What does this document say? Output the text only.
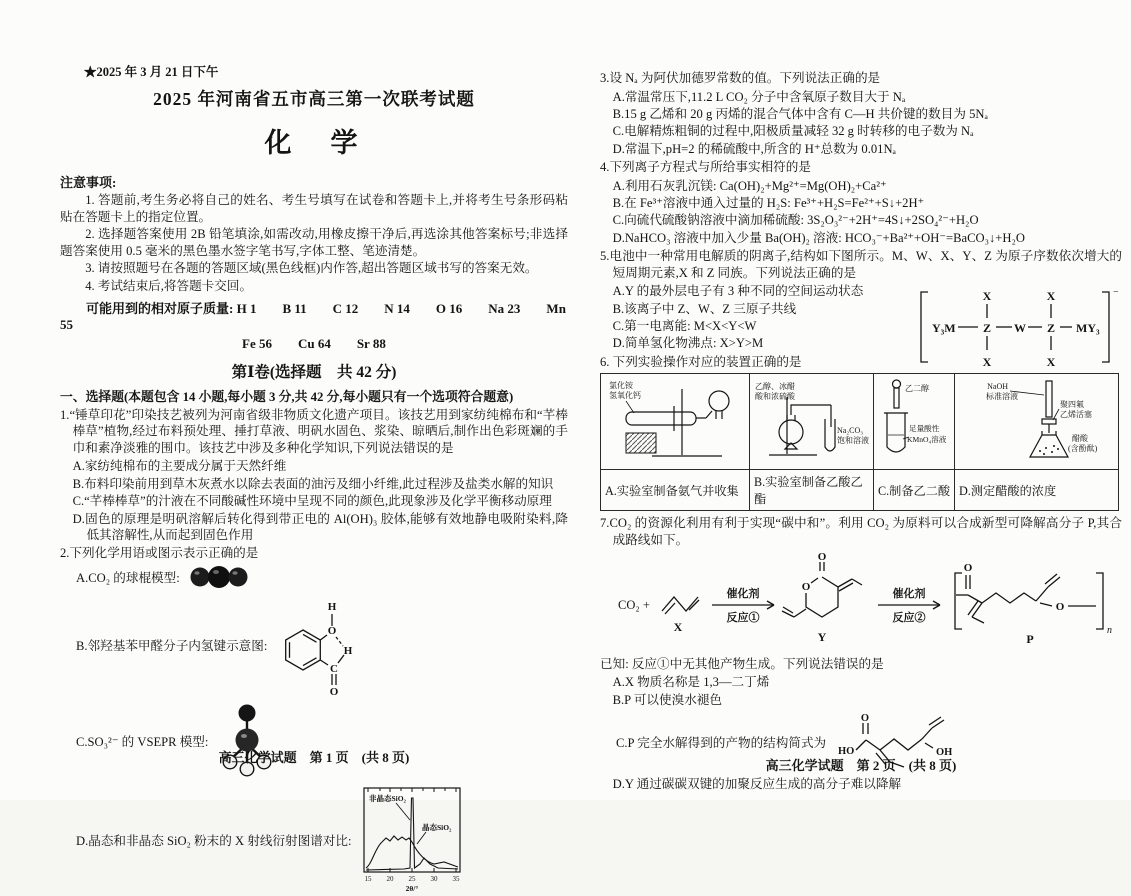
★2025 年 3 月 21 日下午
2025 年河南省五市高三第一次联考试题
化　学
注意事项:
1. 答题前,考生务必将自己的姓名、考生号填写在试卷和答题卡上,并将考生号条形码粘贴在答题卡上的指定位置。
2. 选择题答案使用 2B 铅笔填涂,如需改动,用橡皮擦干净后,再选涂其他答案标号;非选择题答案使用 0.5 毫米的黑色墨水签字笔书写,字体工整、笔迹清楚。
3. 请按照题号在各题的答题区域(黑色线框)内作答,超出答题区域书写的答案无效。
4. 考试结束后,将答题卡交回。
可能用到的相对原子质量: H 1　　B 11　　C 12　　N 14　　O 16　　Na 23　　Mn 55
Fe 56　　Cu 64　　Sr 88
第Ⅰ卷(选择题　共 42 分)
一、选择题(本题包含 14 小题,每小题 3 分,共 42 分,每小题只有一个选项符合题意)
1.“锤草印花”印染技艺被列为河南省级非物质文化遗产项目。该技艺用到家纺纯棉布和“芊棒棒草”植物,经过布料预处理、捶打草液、明矾水固色、浆染、晾晒后,制作出色彩斑斓的手巾和素净淡雅的围巾。该技艺中涉及多种化学知识,下列说法错误的是
A.家纺纯棉布的主要成分属于天然纤维
B.布料印染前用到草木灰煮水以除去表面的油污及细小纤维,此过程涉及盐类水解的知识
C.“芊棒棒草”的汁液在不同酸碱性环境中呈现不同的颜色,此现象涉及化学平衡移动原理
D.固色的原理是明矾溶解后转化得到带正电的 Al(OH)₃ 胶体,能够有效地静电吸附染料,降低其溶解性,从而起到固色作用
2.下列化学用语或图示表示正确的是
A.CO₂ 的球棍模型:
B.邻羟基苯甲醛分子内氢键示意图:
H
O
H
C
O
C.SO₃²⁻ 的 VSEPR 模型:
D.晶态和非晶态 SiO₂ 粉末的 X 射线衍射图谱对比:
非晶态SiO₂
晶态SiO₂
15 20 25 30 35
2θ/°
高三化学试题　第 1 页　(共 8 页)
3.设 Nₐ 为阿伏加德罗常数的值。下列说法正确的是
A.常温常压下,11.2 L CO₂ 分子中含氧原子数目大于 Nₐ
B.15 g 乙烯和 20 g 丙烯的混合气体中含有 C—H 共价键的数目为 5Nₐ
C.电解精炼粗铜的过程中,阳极质量减轻 32 g 时转移的电子数为 Nₐ
D.常温下,pH=2 的稀硫酸中,所含的 H⁺总数为 0.01Nₐ
4.下列离子方程式与所给事实相符的是
A.利用石灰乳沉镁: Ca(OH)₂+Mg²⁺=Mg(OH)₂+Ca²⁺
B.在 Fe³⁺溶液中通入过量的 H₂S: Fe³⁺+H₂S=Fe²⁺+S↓+2H⁺
C.向硫代硫酸钠溶液中滴加稀硫酸: 3S₂O₃²⁻+2H⁺=4S↓+2SO₄²⁻+H₂O
D.NaHCO₃ 溶液中加入少量 Ba(OH)₂ 溶液: HCO₃⁻+Ba²⁺+OH⁻=BaCO₃↓+H₂O
5.电池中一种常用电解质的阴离子,结构如下图所示。M、W、X、Y、Z 为原子序数依次增大的短周期元素,X 和 Z 同族。下列说法正确的是
A.Y 的最外层电子有 3 种不同的空间运动状态
B.该离子中 Z、W、Z 三原子共线
C.第一电离能: M<X<Y<W
D.简单氢化物沸点: X>Y>M
Y₃M Z W Z MY₃
X
X
X
X
−
6. 下列实验操作对应的装置正确的是
氯化铵
氢氧化钙

乙醇、冰醋
酸和浓硫酸
Na₂CO₃
饱和溶液

乙二醇
足量酸性
KMnO₄溶液

NaOH
标准溶液
聚四氟
乙烯活塞
醋酸
(含酚酞)

A.实验室制备氨气并收集	B.实验室制备乙酸乙酯	C.制备乙二酸	D.测定醋酸的浓度
7.CO₂ 的资源化利用有利于实现“碳中和”。利用 CO₂ 为原料可以合成新型可降解高分子 P,其合成路线如下。
CO₂ +
X
催化剂
反应①
O
O
Y
催化剂
反应②
O
O
n
P
已知: 反应①中无其他产物生成。下列说法错误的是
A.X 物质名称是 1,3—二丁烯
B.P 可以使溴水褪色
C.P 完全水解得到的产物的结构简式为
HO
O
OH
D.Y 通过碳碳双键的加聚反应生成的高分子难以降解
高三化学试题　第 2 页　(共 8 页)
